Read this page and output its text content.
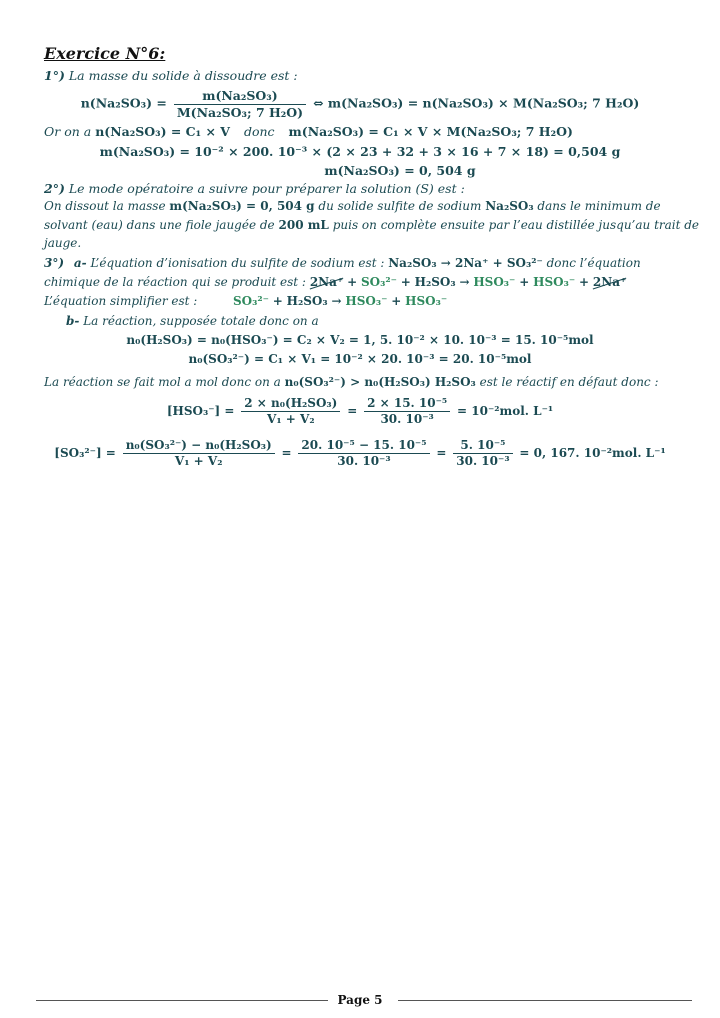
Exercice N°6:
1°) La masse du solide à dissoudre est :
$n(Na_2SO_3) = \frac{\text{m(Na₂SO₃)}}{\text{M(Na₂SO₃; 7 H₂O)}}$ ⇔ m(Na₂SO₃) = n(Na₂SO₃) × M(Na₂SO₃; 7 H₂O)
Or on a n(Na₂SO₃) = C₁ × V donc m(Na₂SO₃) = C₁ × V × M(Na₂SO₃; 7 H₂O)
m(Na₂SO₃) = 10⁻² × 200. 10⁻³ × (2 × 23 + 32 + 3 × 16 + 7 × 18) = 0,504 g
m(Na₂SO₃) = 0, 504 g
2°) Le mode opératoire a suivre pour préparer la solution (S) est :
On dissout la masse m(Na₂SO₃) = 0, 504 g du solide sulfite de sodium Na₂SO₃ dans le minimum de
solvant (eau) dans une fiole jaugée de 200 mL puis on complète ensuite par l’eau distillée jusqu’au trait de
jauge.
3°) a- L’équation d’ionisation du sulfite de sodium est : Na₂SO₃ → 2Na⁺ + SO₃²⁻ donc l’équation
chimique de la réaction qui se produit est : 2Na⁺ + SO₃²⁻ + H₂SO₃ → HSO₃⁻ + HSO₃⁻ + 2Na⁺
L’équation simplifier est :	SO₃²⁻ + H₂SO₃ → HSO₃⁻ + HSO₃⁻
b- La réaction, supposée totale donc on a
n₀(H₂SO₃) = n₀(HSO₃⁻) = C₂ × V₂ = 1, 5. 10⁻² × 10. 10⁻³ = 15. 10⁻⁵mol
n₀(SO₃²⁻) = C₁ × V₁ = 10⁻² × 20. 10⁻³ = 20. 10⁻⁵mol
La réaction se fait mol a mol donc on a n₀(SO₃²⁻) > n₀(H₂SO₃) H₂SO₃ est le réactif en défaut donc :
$[HSO_3^-] = \frac{\text{2 × n₀(H₂SO₃)}}{\text{V₁ + V₂}} = \frac{\text{2 × 15. 10⁻⁵}}{\text{30. 10⁻³}} = 10^{-2}mol$. L⁻¹
$[SO_3^{2-}] = \frac{\text{n₀(SO₃²⁻) − n₀(H₂SO₃)}}{\text{V₁ + V₂}} = \frac{\text{20. 10⁻⁵ − 15. 10⁻⁵}}{\text{30. 10⁻³}} = \frac{\text{5. 10⁻⁵}}{\text{30. 10⁻³}} = 0$, 167. 10⁻²mol. L⁻¹
Page 5
